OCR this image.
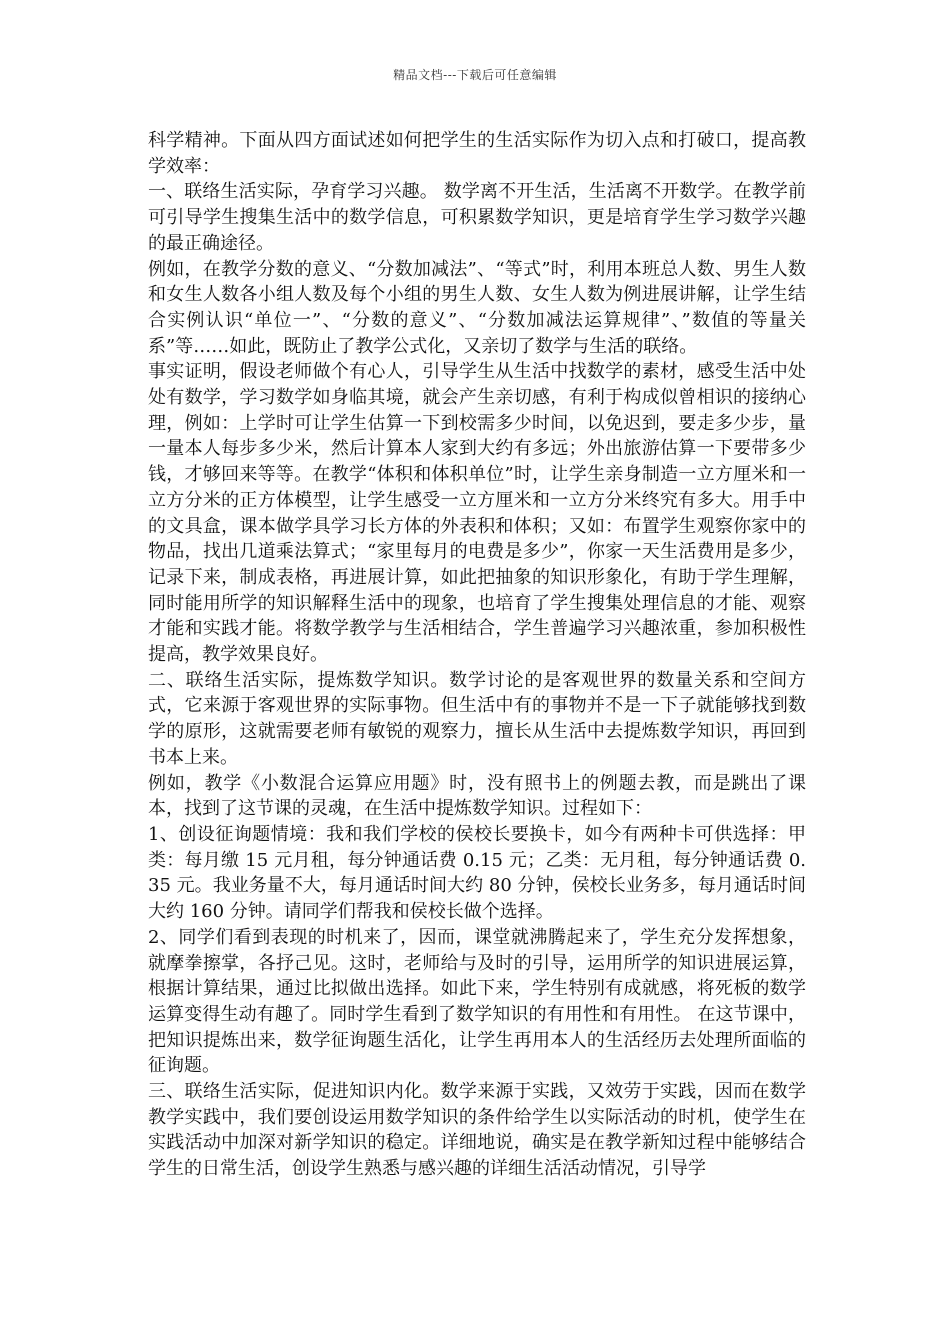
精品文档---下载后可任意编辑

科学精神。下面从四方面试述如何把学生的生活实际作为切入点和打破口，提高教学效率：

一、联络生活实际，孕育学习兴趣。 数学离不开生活，生活离不开数学。在教学前可引导学生搜集生活中的数学信息，可积累数学知识，更是培育学生学习数学兴趣的最正确途径。

例如，在教学分数的意义、“分数加减法”、“等式”时，利用本班总人数、男生人数和女生人数各小组人数及每个小组的男生人数、女生人数为例进展讲解，让学生结合实例认识“单位一”、“分数的意义”、“分数加减法运算规律”、”数值的等量关系”等……如此，既防止了教学公式化，又亲切了数学与生活的联络。

事实证明，假设老师做个有心人，引导学生从生活中找数学的素材，感受生活中处处有数学，学习数学如身临其境，就会产生亲切感，有利于构成似曾相识的接纳心理，例如：上学时可让学生估算一下到校需多少时间，以免迟到，要走多少步，量一量本人每步多少米，然后计算本人家到大约有多远；外出旅游估算一下要带多少钱，才够回来等等。在教学“体积和体积单位”时，让学生亲身制造一立方厘米和一立方分米的正方体模型，让学生感受一立方厘米和一立方分米终究有多大。用手中的文具盒，课本做学具学习长方体的外表积和体积；又如：布置学生观察你家中的物品，找出几道乘法算式；“家里每月的电费是多少”，你家一天生活费用是多少，记录下来，制成表格，再进展计算，如此把抽象的知识形象化，有助于学生理解，同时能用所学的知识解释生活中的现象，也培育了学生搜集处理信息的才能、观察才能和实践才能。将数学教学与生活相结合，学生普遍学习兴趣浓重，参加积极性提高，教学效果良好。

二、联络生活实际，提炼数学知识。数学讨论的是客观世界的数量关系和空间方式，它来源于客观世界的实际事物。但生活中有的事物并不是一下子就能够找到数学的原形，这就需要老师有敏锐的观察力，擅长从生活中去提炼数学知识，再回到书本上来。

例如，教学《小数混合运算应用题》时，没有照书上的例题去教，而是跳出了课本，找到了这节课的灵魂，在生活中提炼数学知识。过程如下：

1、创设征询题情境：我和我们学校的侯校长要换卡，如今有两种卡可供选择：甲类：每月缴 15 元月租，每分钟通话费 0.15 元；乙类：无月租，每分钟通话费 0.35 元。我业务量不大，每月通话时间大约 80 分钟，侯校长业务多，每月通话时间大约 160 分钟。请同学们帮我和侯校长做个选择。

2、同学们看到表现的时机来了，因而，课堂就沸腾起来了，学生充分发挥想象，就摩拳擦掌，各抒己见。这时，老师给与及时的引导，运用所学的知识进展运算，根据计算结果，通过比拟做出选择。如此下来，学生特别有成就感，将死板的数学运算变得生动有趣了。同时学生看到了数学知识的有用性和有用性。 在这节课中，把知识提炼出来，数学征询题生活化，让学生再用本人的生活经历去处理所面临的征询题。

三、联络生活实际，促进知识内化。数学来源于实践，又效劳于实践，因而在数学教学实践中，我们要创设运用数学知识的条件给学生以实际活动的时机，使学生在实践活动中加深对新学知识的稳定。详细地说，确实是在教学新知过程中能够结合学生的日常生活，创设学生熟悉与感兴趣的详细生活活动情况，引导学
